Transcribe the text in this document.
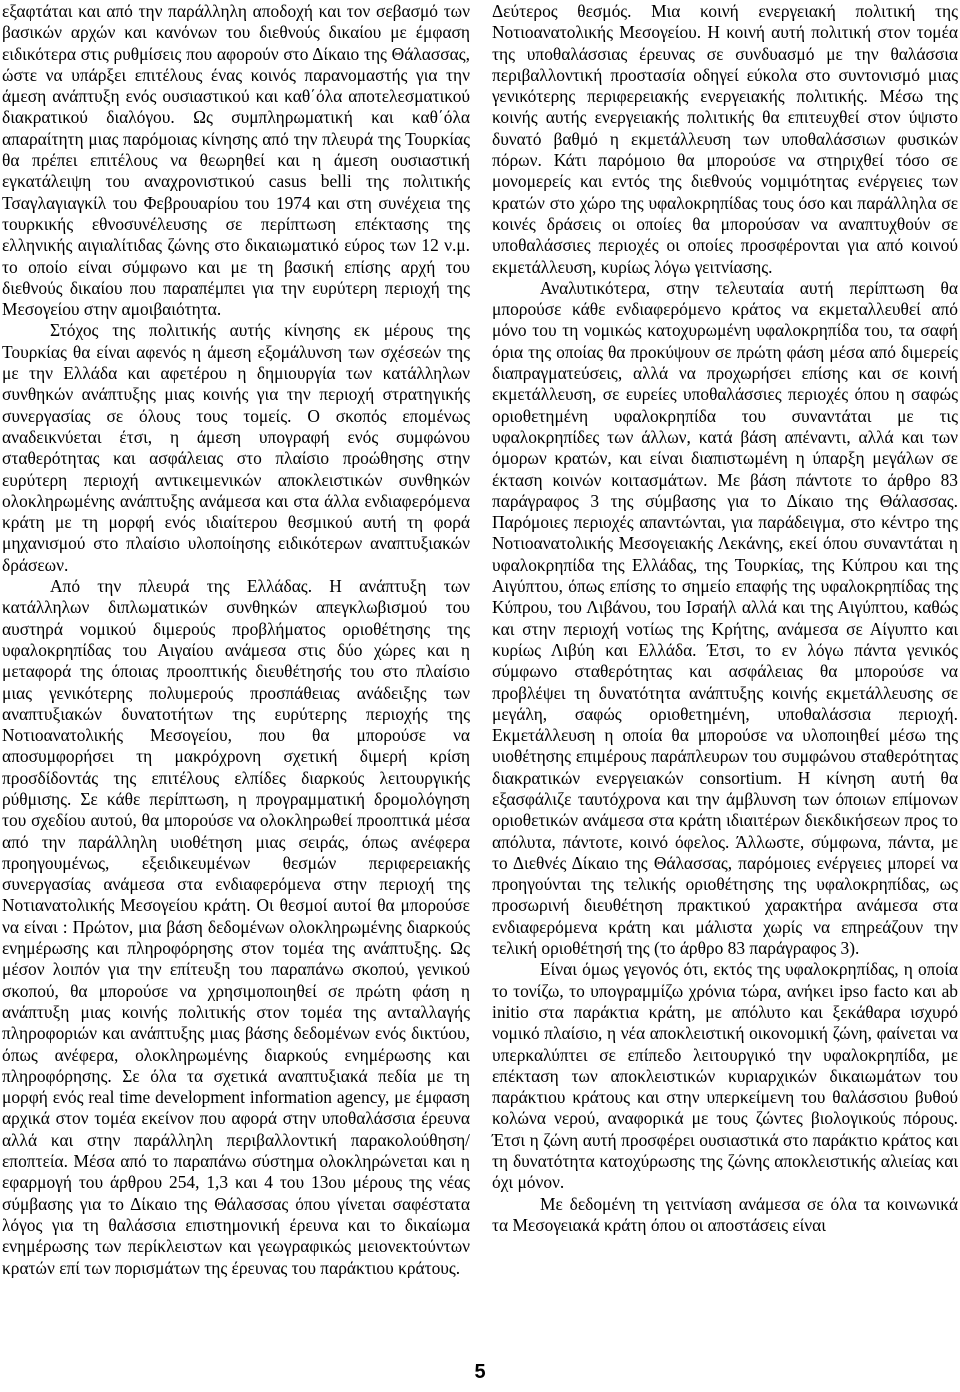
εξαφτάται και από την παράλληλη αποδοχή και τον σεβασμό των βασικών αρχών και κανόνων του διεθνούς δικαίου με έμφαση ειδικότερα στις ρυθμίσεις που αφορούν στο Δίκαιο της Θάλασσας, ώστε να υπάρξει επιτέλους ένας κοινός παρανομαστής για την άμεση ανάπτυξη ενός ουσιαστικού και καθ΄όλα αποτελεσματικού διακρατικού διαλόγου. Ως συμπληρωματική και καθ΄όλα απαραίτητη μιας παρόμοιας κίνησης από την πλευρά της Τουρκίας θα πρέπει επιτέλους να θεωρηθεί και η άμεση ουσιαστική εγκατάλειψη του αναχρονιστικού casus belli της πολιτικής Τσαγλαγιαγκίλ του Φεβρουαρίου του 1974 και στη συνέχεια της τουρκικής εθνοσυνέλευσης σε περίπτωση επέκτασης της ελληνικής αιγιαλίτιδας ζώνης στο δικαιωματικό εύρος των 12 ν.μ. το οποίο είναι σύμφωνο και με τη βασική επίσης αρχή του διεθνούς δικαίου που παραπέμπει για την ευρύτερη περιοχή της Μεσογείου στην αμοιβαιότητα.

Στόχος της πολιτικής αυτής κίνησης εκ μέρους της Τουρκίας θα είναι αφενός η άμεση εξομάλυνση των σχέσεών της με την Ελλάδα και αφετέρου η δημιουργία των κατάλληλων συνθηκών ανάπτυξης μιας κοινής για την περιοχή στρατηγικής συνεργασίας σε όλους τους τομείς. Ο σκοπός επομένως αναδεικνύεται έτσι, η άμεση υπογραφή ενός συμφώνου σταθερότητας και ασφάλειας στο πλαίσιο προώθησης στην ευρύτερη περιοχή αντικειμενικών αποκλειστικών συνθηκών ολοκληρωμένης ανάπτυξης ανάμεσα και στα άλλα ενδιαφερόμενα κράτη με τη μορφή ενός ιδιαίτερου θεσμικού αυτή τη φορά μηχανισμού στο πλαίσιο υλοποίησης ειδικότερων αναπτυξιακών δράσεων.

Από την πλευρά της Ελλάδας. Η ανάπτυξη των κατάλληλων διπλωματικών συνθηκών απεγκλωβισμού του αυστηρά νομικού διμερούς προβλήματος οριοθέτησης της υφαλοκρηπίδας του Αιγαίου ανάμεσα στις δύο χώρες και η μεταφορά της όποιας προοπτικής διευθέτησής του στο πλαίσιο μιας γενικότερης πολυμερούς προσπάθειας ανάδειξης των αναπτυξιακών δυνατοτήτων της ευρύτερης περιοχής της Νοτιοανατολικής Μεσογείου, που θα μπορούσε να αποσυμφορήσει τη μακρόχρονη σχετική διμερή κρίση προσδίδοντάς της επιτέλους ελπίδες διαρκούς λειτουργικής ρύθμισης. Σε κάθε περίπτωση, η προγραμματική δρομολόγηση του σχεδίου αυτού, θα μπορούσε να ολοκληρωθεί προοπτικά μέσα από την παράλληλη υιοθέτηση μιας σειράς, όπως ανέφερα προηγουμένως, εξειδικευμένων θεσμών περιφερειακής συνεργασίας ανάμεσα στα ενδιαφερόμενα στην περιοχή της Νοτιανατολικής Μεσογείου κράτη. Οι θεσμοί αυτοί θα μπορούσε να είναι : Πρώτον, μια βάση δεδομένων ολοκληρωμένης διαρκούς ενημέρωσης και πληροφόρησης στον τομέα της ανάπτυξης. Ως μέσον λοιπόν για την επίτευξη του παραπάνω σκοπού, γενικού σκοπού, θα μπορούσε να χρησιμοποιηθεί σε πρώτη φάση η ανάπτυξη μιας κοινής πολιτικής στον τομέα της ανταλλαγής πληροφοριών και ανάπτυξης μιας βάσης δεδομένων ενός δικτύου, όπως ανέφερα, ολοκληρωμένης διαρκούς ενημέρωσης και πληροφόρησης. Σε όλα τα σχετικά αναπτυξιακά πεδία με τη μορφή ενός real time development information agency, με έμφαση αρχικά στον τομέα εκείνον που αφορά στην υποθαλάσσια έρευνα αλλά και στην παράλληλη περιβαλλοντική παρακολούθηση/εποπτεία. Μέσα από το παραπάνω σύστημα ολοκληρώνεται και η εφαρμογή του άρθρου 254, 1,3 και 4 του 13ου μέρους της νέας σύμβασης για το Δίκαιο της Θάλασσας όπου γίνεται σαφέστατα λόγος για τη θαλάσσια επιστημονική έρευνα και το δικαίωμα ενημέρωσης των περίκλειστων και γεωγραφικώς μειονεκτούντων κρατών επί των πορισμάτων της έρευνας του παράκτιου κράτους.

Δεύτερος θεσμός. Μια κοινή ενεργειακή πολιτική της Νοτιοανατολικής Μεσογείου. Η κοινή αυτή πολιτική στον τομέα της υποθαλάσσιας έρευνας σε συνδυασμό με την θαλάσσια περιβαλλοντική προστασία οδηγεί εύκολα στο συντονισμό μιας γενικότερης περιφερειακής ενεργειακής πολιτικής. Μέσω της κοινής αυτής ενεργειακής πολιτικής θα επιτευχθεί στον ύψιστο δυνατό βαθμό η εκμετάλλευση των υποθαλάσσιων φυσικών πόρων. Κάτι παρόμοιο θα μπορούσε να στηριχθεί τόσο σε μονομερείς και εντός της διεθνούς νομιμότητας ενέργειες των κρατών στο χώρο της υφαλοκρηπίδας τους όσο και παράλληλα σε κοινές δράσεις οι οποίες θα μπορούσαν να αναπτυχθούν σε υποθαλάσσιες περιοχές οι οποίες προσφέρονται για από κοινού εκμετάλλευση, κυρίως λόγω γειτνίασης.

Αναλυτικότερα, στην τελευταία αυτή περίπτωση θα μπορούσε κάθε ενδιαφερόμενο κράτος να εκμεταλλευθεί από μόνο του τη νομικώς κατοχυρωμένη υφαλοκρηπίδα του, τα σαφή όρια της οποίας θα προκύψουν σε πρώτη φάση μέσα από διμερείς διαπραγματεύσεις, αλλά να προχωρήσει επίσης και σε κοινή εκμετάλλευση, σε ευρείες υποθαλάσσιες περιοχές όπου η σαφώς οριοθετημένη υφαλοκρηπίδα του συναντάται με τις υφαλοκρηπίδες των άλλων, κατά βάση απέναντι, αλλά και των όμορων κρατών, και είναι διαπιστωμένη η ύπαρξη μεγάλων σε έκταση κοινών κοιτασμάτων. Με βάση πάντοτε το άρθρο 83 παράγραφος 3 της σύμβασης για το Δίκαιο της Θάλασσας. Παρόμοιες περιοχές απαντώνται, για παράδειγμα, στο κέντρο της Νοτιοανατολικής Μεσογειακής Λεκάνης, εκεί όπου συναντάται η υφαλοκρηπίδα της Ελλάδας, της Τουρκίας, της Κύπρου και της Αιγύπτου, όπως επίσης το σημείο επαφής της υφαλοκρηπίδας της Κύπρου, του Λιβάνου, του Ισραήλ αλλά και της Αιγύπτου, καθώς και στην περιοχή νοτίως της Κρήτης, ανάμεσα σε Αίγυπτο και κυρίως Λιβύη και Ελλάδα. Έτσι, το εν λόγω πάντα γενικός σύμφωνο σταθερότητας και ασφάλειας θα μπορούσε να προβλέψει τη δυνατότητα ανάπτυξης κοινής εκμετάλλευσης σε μεγάλη, σαφώς οριοθετημένη, υποθαλάσσια περιοχή. Εκμετάλλευση η οποία θα μπορούσε να υλοποιηθεί μέσω της υιοθέτησης επιμέρους παράπλευρων του συμφώνου σταθερότητας διακρατικών ενεργειακών consortium. Η κίνηση αυτή θα εξασφάλιζε ταυτόχρονα και την άμβλυνση των όποιων επίμονων οριοθετικών ανάμεσα στα κράτη ιδιαιτέρων διεκδικήσεων προς το απόλυτα, πάντοτε, κοινό όφελος. Άλλωστε, σύμφωνα, πάντα, με το Διεθνές Δίκαιο της Θάλασσας, παρόμοιες ενέργειες μπορεί να προηγούνται της τελικής οριοθέτησης της υφαλοκρηπίδας, ως προσωρινή διευθέτηση πρακτικού χαρακτήρα ανάμεσα στα ενδιαφερόμενα κράτη και μάλιστα χωρίς να επηρεάζουν την τελική οριοθέτησή της (το άρθρο 83 παράγραφος 3).

Είναι όμως γεγονός ότι, εκτός της υφαλοκρηπίδας, η οποία το τονίζω, το υπογραμμίζω χρόνια τώρα, ανήκει ipso facto και ab initio στα παράκτια κράτη, με απόλυτο και ξεκάθαρα ισχυρό νομικό πλαίσιο, η νέα αποκλειστική οικονομική ζώνη, φαίνεται να υπερκαλύπτει σε επίπεδο λειτουργικό την υφαλοκρηπίδα, με επέκταση των αποκλειστικών κυριαρχικών δικαιωμάτων του παράκτιου κράτους και στην υπερκείμενη του θαλάσσιου βυθού κολώνα νερού, αναφορικά με τους ζώντες βιολογικούς πόρους. Έτσι η ζώνη αυτή προσφέρει ουσιαστικά στο παράκτιο κράτος και τη δυνατότητα κατοχύρωσης της ζώνης αποκλειστικής αλιείας και όχι μόνον.

Με δεδομένη τη γειτνίαση ανάμεσα σε όλα τα κοινωνικά τα Μεσογειακά κράτη όπου οι αποστάσεις είναι

5
